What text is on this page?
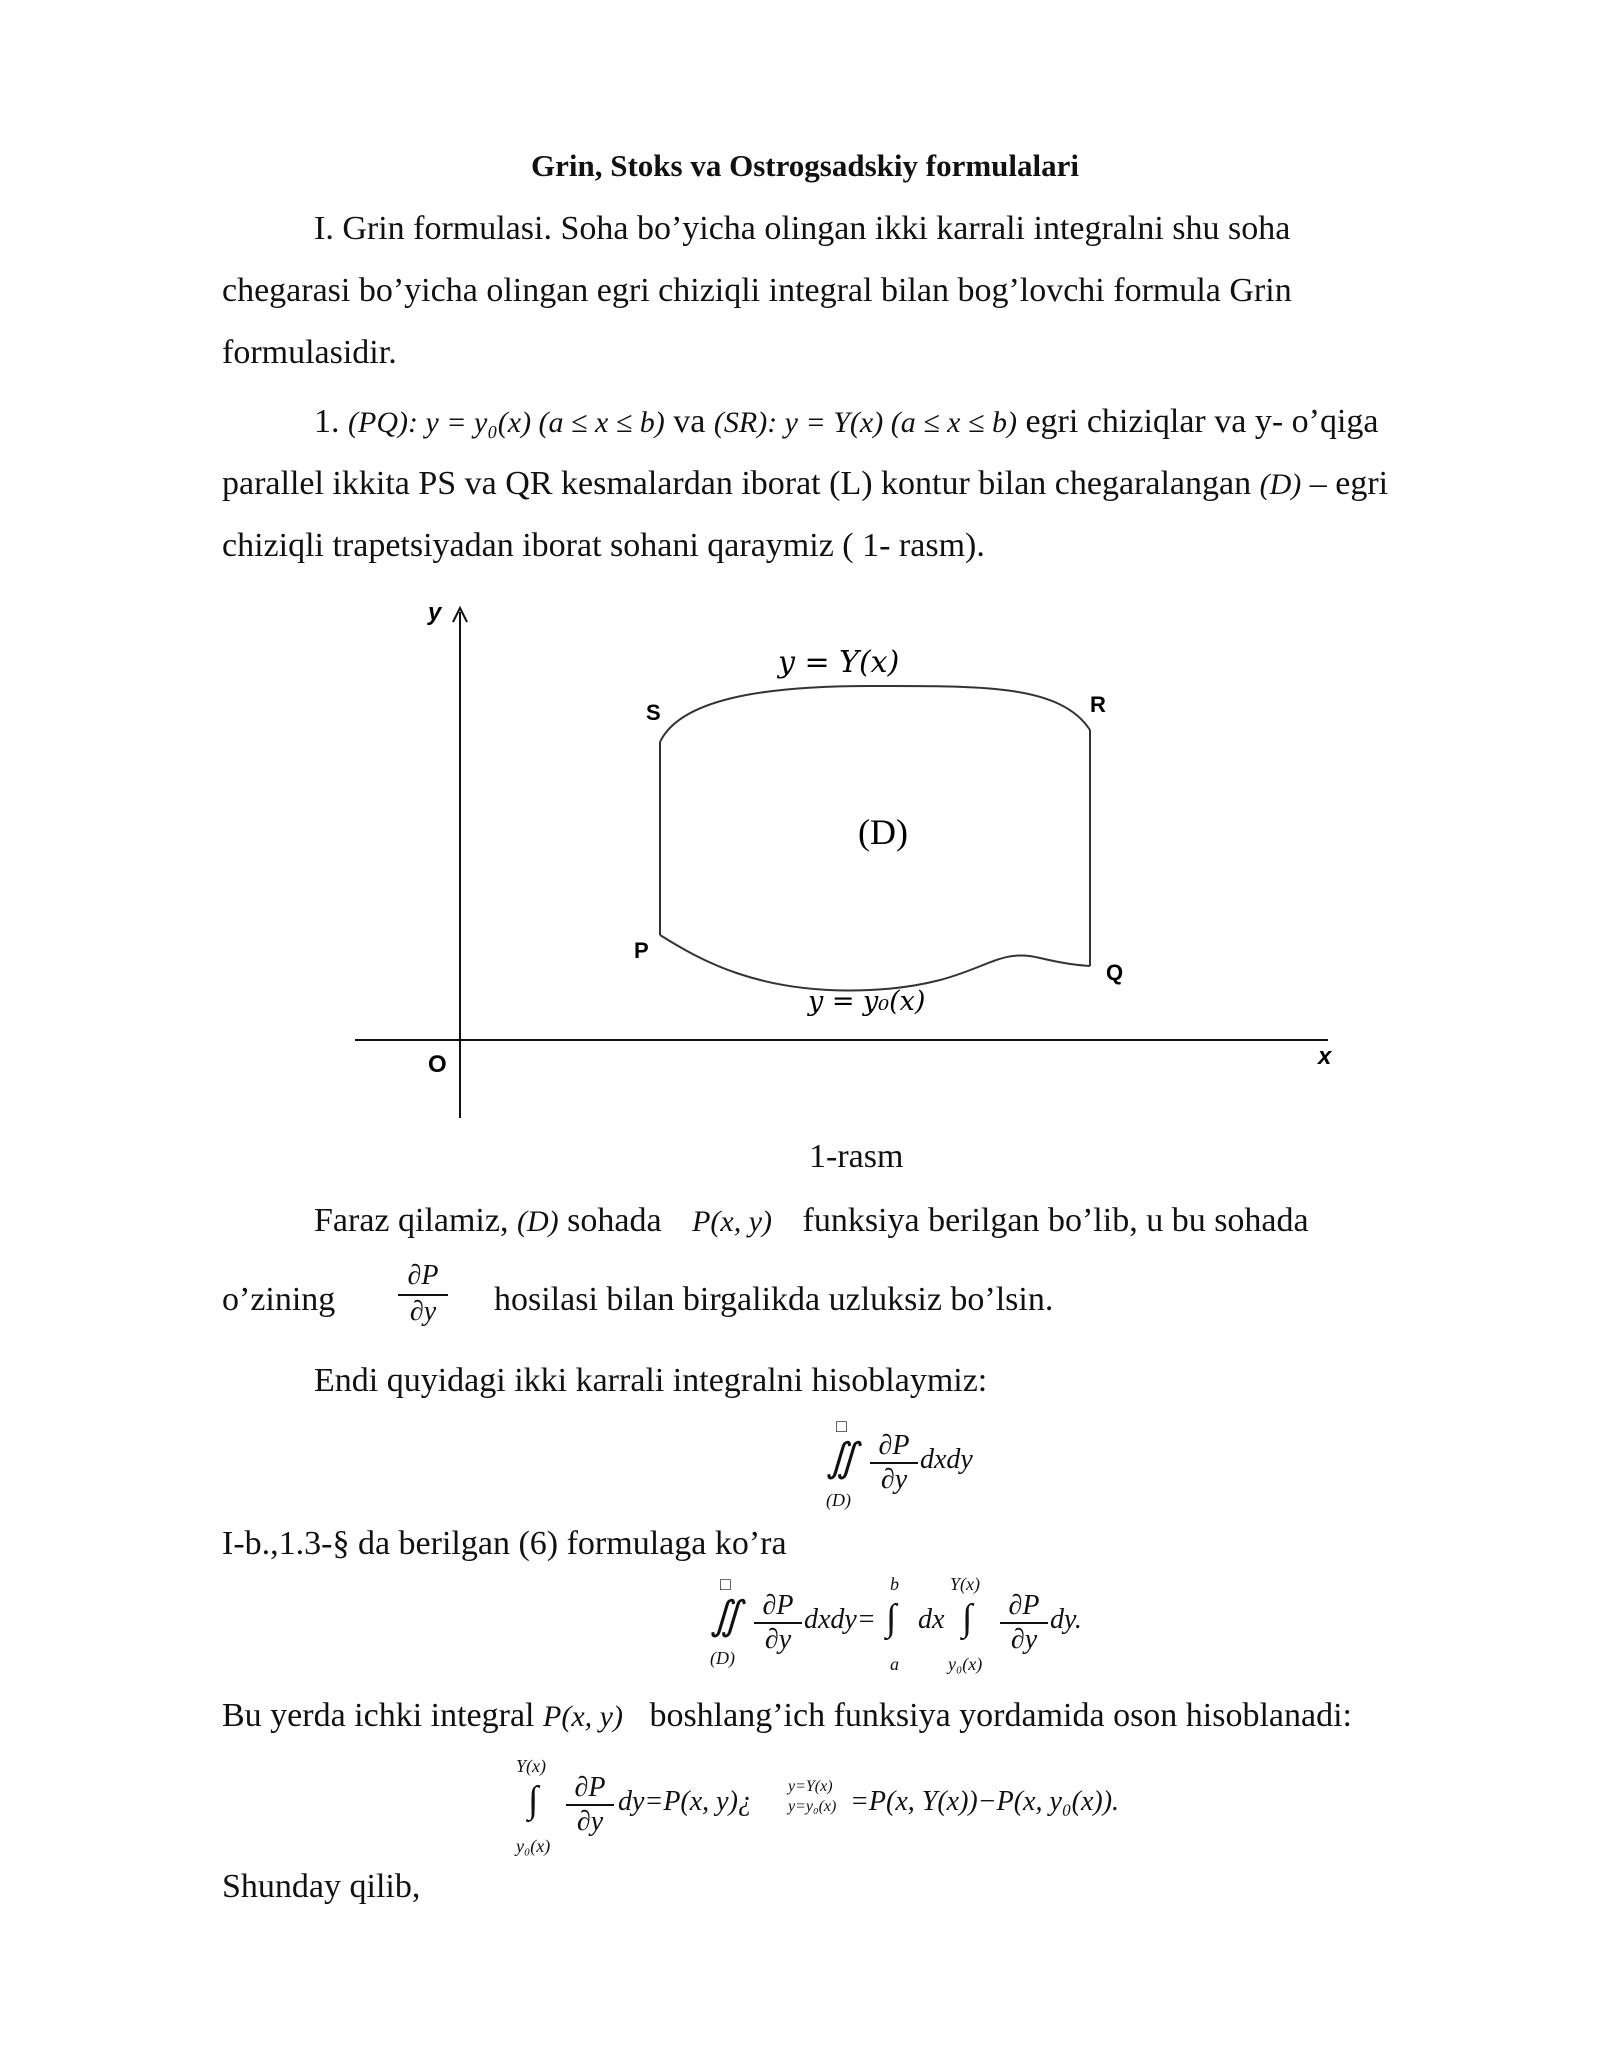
Grin, Stoks va Ostrogsadskiy formulalari
I. Grin formulasi. Soha bo’yicha olingan ikki karrali integralni shu soha
chegarasi bo’yicha olingan egri chiziqli integral bilan bog’lovchi formula Grin
formulasidir.
1. (PQ): y = y₀(x) (a ≤ x ≤ b) va (SR): y = Y(x) (a ≤ x ≤ b) egri chiziqlar va y- o’qiga
parallel ikkita PS va QR kesmalardan iborat (L) kontur bilan chegaralangan (D) – egri
chiziqli trapetsiyadan iborat sohani qaraymiz ( 1- rasm).
y
x
O
S	R
P
Q
(D)
y = Y(x)
y = y₀(x)
1-rasm
Faraz qilamiz, (D) sohada P(x, y) funksiya berilgan bo’lib, u bu sohada
o’zining $\frac{\partial P}{\partial y}$ hosilasi bilan birgalikda uzluksiz bo’lsin.
Endi quyidagi ikki karrali integralni hisoblaymiz:
□
∬
(D)
$\frac{\partial P}{\partial y}$ dxdy
I-b.,1.3-§ da berilgan (6) formulaga ko’ra
□
∬
(D)
$\frac{\partial P}{\partial y}$ dxdy=
b
∫
a
dx
Y(x)
∫
y₀(x)
$\frac{\partial P}{\partial y}$ dy.
Bu yerda ichki integral P(x, y) boshlang’ich funksiya yordamida oson hisoblanadi:
Y(x)
∫
y₀(x)
$\frac{\partial P}{\partial y} dy=P(x$, y)¿ y=Y(x)
y=y₀(x) =P(x, Y(x))−P(x, y₀(x)).
Shunday qilib,
